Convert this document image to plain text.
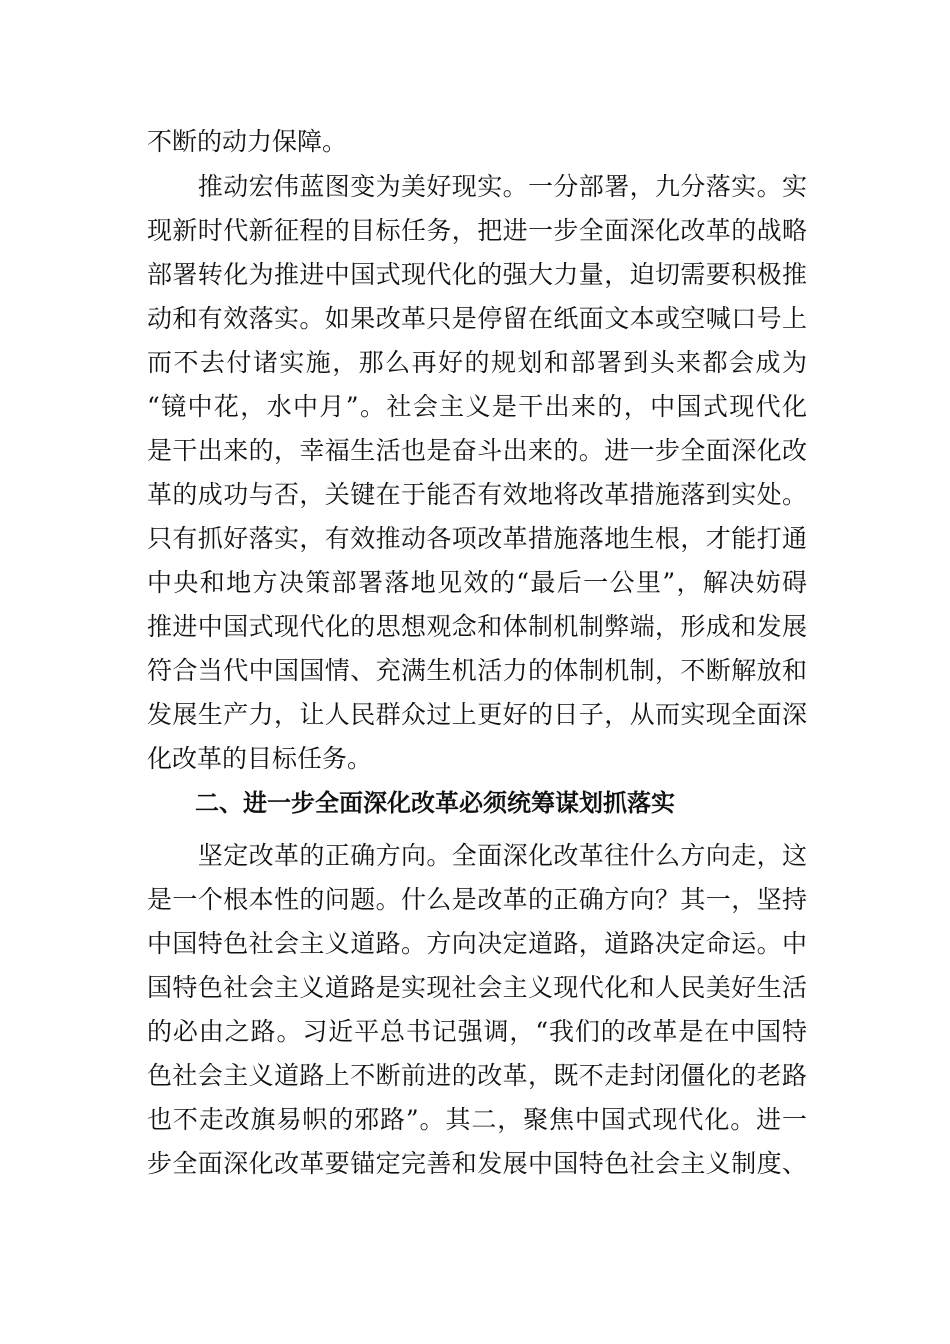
不断的动力保障。
　　推动宏伟蓝图变为美好现实。一分部署，九分落实。实
现新时代新征程的目标任务，把进一步全面深化改革的战略
部署转化为推进中国式现代化的强大力量，迫切需要积极推
动和有效落实。如果改革只是停留在纸面文本或空喊口号上
而不去付诸实施，那么再好的规划和部署到头来都会成为
“镜中花，水中月”。社会主义是干出来的，中国式现代化
是干出来的，幸福生活也是奋斗出来的。进一步全面深化改
革的成功与否，关键在于能否有效地将改革措施落到实处。
只有抓好落实，有效推动各项改革措施落地生根，才能打通
中央和地方决策部署落地见效的“最后一公里”，解决妨碍
推进中国式现代化的思想观念和体制机制弊端，形成和发展
符合当代中国国情、充满生机活力的体制机制，不断解放和
发展生产力，让人民群众过上更好的日子，从而实现全面深
化改革的目标任务。
　　二、进一步全面深化改革必须统筹谋划抓落实
　　坚定改革的正确方向。全面深化改革往什么方向走，这
是一个根本性的问题。什么是改革的正确方向？其一，坚持
中国特色社会主义道路。方向决定道路，道路决定命运。中
国特色社会主义道路是实现社会主义现代化和人民美好生活
的必由之路。习近平总书记强调，“我们的改革是在中国特
色社会主义道路上不断前进的改革，既不走封闭僵化的老路
也不走改旗易帜的邪路”。其二，聚焦中国式现代化。进一
步全面深化改革要锚定完善和发展中国特色社会主义制度、
